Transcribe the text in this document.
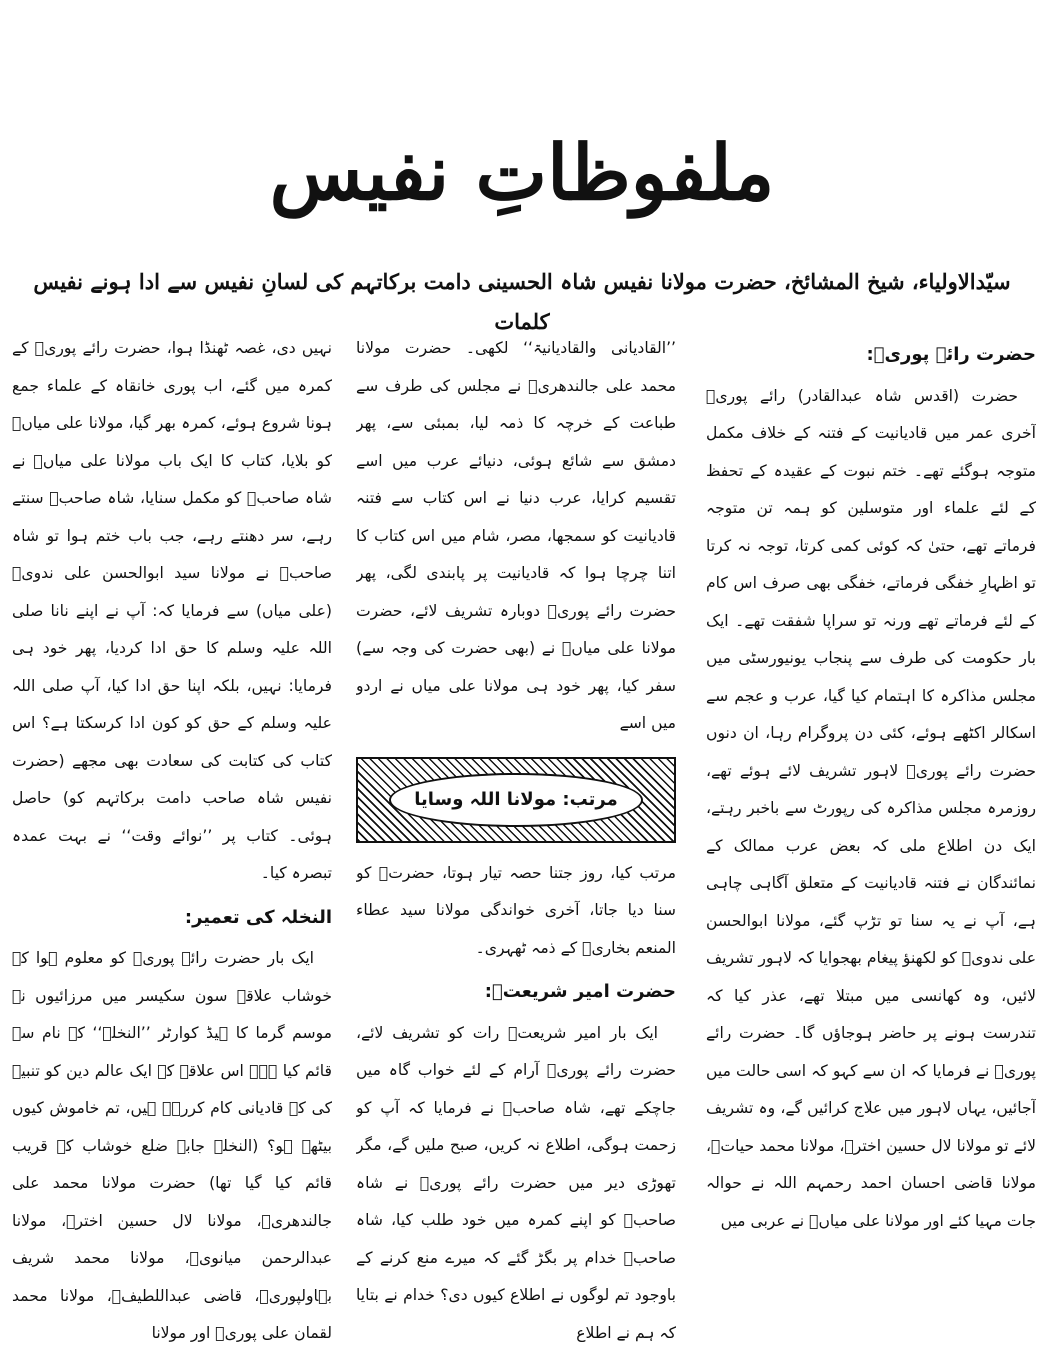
ملفوظاتِ نفیس

سیّدالاولیاء، شیخ المشائخ، حضرت مولانا نفیس شاہ الحسینی دامت برکاتہم کی لسانِ نفیس سے ادا ہونے نفیس کلمات

حضرت رائے پوریؒ:

حضرت (اقدس شاہ عبدالقادر) رائے پوریؒ آخری عمر میں قادیانیت کے فتنہ کے خلاف مکمل متوجہ ہوگئے تھے۔ ختم نبوت کے عقیدہ کے تحفظ کے لئے علماء اور متوسلین کو ہمہ تن متوجہ فرماتے تھے، حتیٰ کہ کوئی کمی کرتا، توجہ نہ کرتا تو اظہارِ خفگی فرماتے، خفگی بھی صرف اس کام کے لئے فرماتے تھے ورنہ تو سراپا شفقت تھے۔ ایک بار حکومت کی طرف سے پنجاب یونیورسٹی میں مجلس مذاکرہ کا اہتمام کیا گیا، عرب و عجم سے اسکالر اکٹھے ہوئے، کئی دن پروگرام رہا، ان دنوں حضرت رائے پوریؒ لاہور تشریف لائے ہوئے تھے، روزمرہ مجلس مذاکرہ کی رپورٹ سے باخبر رہتے، ایک دن اطلاع ملی کہ بعض عرب ممالک کے نمائندگان نے فتنہ قادیانیت کے متعلق آگاہی چاہی ہے، آپ نے یہ سنا تو تڑپ گئے، مولانا ابوالحسن علی ندویؒ کو لکھنؤ پیغام بھجوایا کہ لاہور تشریف لائیں، وہ کھانسی میں مبتلا تھے، عذر کیا کہ تندرست ہونے پر حاضر ہوجاؤں گا۔ حضرت رائے پوریؒ نے فرمایا کہ ان سے کہو کہ اسی حالت میں آجائیں، یہاں لاہور میں علاج کرائیں گے، وہ تشریف لائے تو مولانا لال حسین اخترؒ، مولانا محمد حیاتؒ، مولانا قاضی احسان احمد رحمہم اللہ نے حوالہ جات مہیا کئے اور مولانا علی میاںؒ نے عربی میں

’’القادیانی والقادیانیۃ‘‘ لکھی۔ حضرت مولانا محمد علی جالندھریؒ نے مجلس کی طرف سے طباعت کے خرچہ کا ذمہ لیا، بمبئی سے، پھر دمشق سے شائع ہوئی، دنیائے عرب میں اسے تقسیم کرایا، عرب دنیا نے اس کتاب سے فتنہ قادیانیت کو سمجھا، مصر، شام میں اس کتاب کا اتنا چرچا ہوا کہ قادیانیت پر پابندی لگی، پھر حضرت رائے پوریؒ دوبارہ تشریف لائے، حضرت مولانا علی میاںؒ نے (بھی حضرت کی وجہ سے) سفر کیا، پھر خود ہی مولانا علی میاں نے اردو میں اسے

مرتب: مولانا اللہ وسایا

مرتب کیا، روز جتنا حصہ تیار ہوتا، حضرتؒ کو سنا دیا جاتا، آخری خواندگی مولانا سید عطاء المنعم بخاریؒ کے ذمہ ٹھہری۔

حضرت امیر شریعتؒ:

ایک بار امیر شریعتؒ رات کو تشریف لائے، حضرت رائے پوریؒ آرام کے لئے خواب گاہ میں جاچکے تھے، شاہ صاحبؒ نے فرمایا کہ آپ کو زحمت ہوگی، اطلاع نہ کریں، صبح ملیں گے، مگر تھوڑی دیر میں حضرت رائے پوریؒ نے شاہ صاحبؒ کو اپنے کمرہ میں خود طلب کیا، شاہ صاحبؒ خدام پر بگڑ گئے کہ میرے منع کرنے کے باوجود تم لوگوں نے اطلاع کیوں دی؟ خدام نے بتایا کہ ہم نے اطلاع

نہیں دی، غصہ ٹھنڈا ہوا، حضرت رائے پوریؒ کے کمرہ میں گئے، اب پوری خانقاہ کے علماء جمع ہونا شروع ہوئے، کمرہ بھر گیا، مولانا علی میاںؒ کو بلایا، کتاب کا ایک باب مولانا علی میاںؒ نے شاہ صاحبؒ کو مکمل سنایا، شاہ صاحبؒ سنتے رہے، سر دھنتے رہے، جب باب ختم ہوا تو شاہ صاحبؒ نے مولانا سید ابوالحسن علی ندویؒ (علی میاں) سے فرمایا کہ: آپ نے اپنے نانا صلی اللہ علیہ وسلم کا حق ادا کردیا، پھر خود ہی فرمایا: نہیں، بلکہ اپنا حق ادا کیا، آپ صلی اللہ علیہ وسلم کے حق کو کون ادا کرسکتا ہے؟ اس کتاب کی کتابت کی سعادت بھی مجھے (حضرت نفیس شاہ صاحب دامت برکاتہم کو) حاصل ہوئی۔ کتاب پر ’’نوائے وقت‘‘ نے بہت عمدہ تبصرہ کیا۔

النخلہ کی تعمیر:

ایک بار حضرت رائے پوریؒ کو معلوم ہوا کہ خوشاب علاقہ سون سکیسر میں مرزائیوں نے موسم گرما کا ہیڈ کوارٹر ’’النخلہ‘‘ کے نام سے قائم کیا ہے۔ اس علاقہ کے ایک عالم دین کو تنبیہ کی کہ قادیانی کام کررہے ہیں، تم خاموش کیوں بیٹھے ہو؟ (النخلہ جابہ ضلع خوشاب کے قریب قائم کیا گیا تھا) حضرت مولانا محمد علی جالندھریؒ، مولانا لال حسین اخترؒ، مولانا عبدالرحمن میانویؒ، مولانا محمد شریف بہاولپوریؒ، قاضی عبداللطیفؒ، مولانا محمد لقمان علی پوریؒ اور مولانا
